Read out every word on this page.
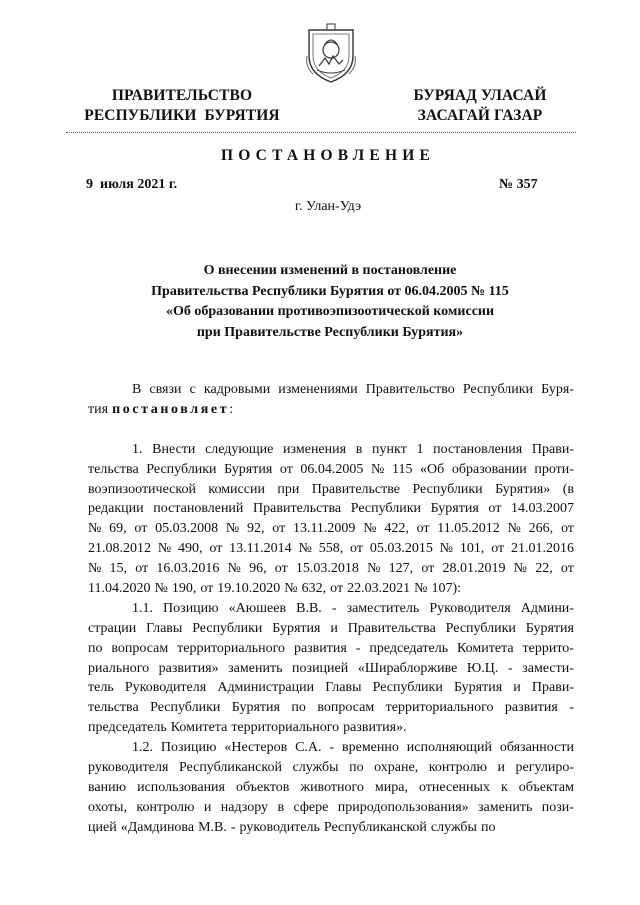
ПРАВИТЕЛЬСТВО
РЕСПУБЛИКИ  БУРЯТИЯ
БУРЯАД УЛАСАЙ
ЗАСАГАЙ ГАЗАР
ПОСТАНОВЛЕНИЕ
9  июля 2021 г.	№ 357
г. Улан-Удэ
О внесении изменений в постановление
Правительства Республики Бурятия от 06.04.2005 № 115
«Об образовании противоэпизоотической комиссии
при Правительстве Республики Бурятия»
В связи с кадровыми изменениями Правительство Республики Буря-
тия постановляет:
1. Внести следующие изменения в пункт 1 постановления Прави-
тельства Республики Бурятия от 06.04.2005 № 115 «Об образовании проти-
воэпизоотической комиссии при Правительстве Республики Бурятия» (в
редакции постановлений Правительства Республики Бурятия от 14.03.2007
№ 69, от 05.03.2008 № 92, от 13.11.2009 № 422, от 11.05.2012 № 266, от
21.08.2012 № 490, от 13.11.2014 № 558, от 05.03.2015 № 101, от 21.01.2016
№ 15, от 16.03.2016 № 96, от 15.03.2018 № 127, от 28.01.2019 № 22, от
11.04.2020 № 190, от 19.10.2020 № 632, от 22.03.2021 № 107):
1.1. Позицию «Аюшеев В.В. - заместитель Руководителя Админи-
страции Главы Республики Бурятия и Правительства Республики Бурятия
по вопросам территориального развития - председатель Комитета террито-
риального развития» заменить позицией «Шираблорживе Ю.Ц. - замести-
тель Руководителя Администрации Главы Республики Бурятия и Прави-
тельства Республики Бурятия по вопросам территориального развития -
председатель Комитета территориального развития».
1.2. Позицию «Нестеров С.А. - временно исполняющий обязанности
руководителя Республиканской службы по охране, контролю и регулиро-
ванию использования объектов животного мира, отнесенных к объектам
охоты, контролю и надзору в сфере природопользования» заменить пози-
цией «Дамдинова М.В. - руководитель Республиканской службы по
